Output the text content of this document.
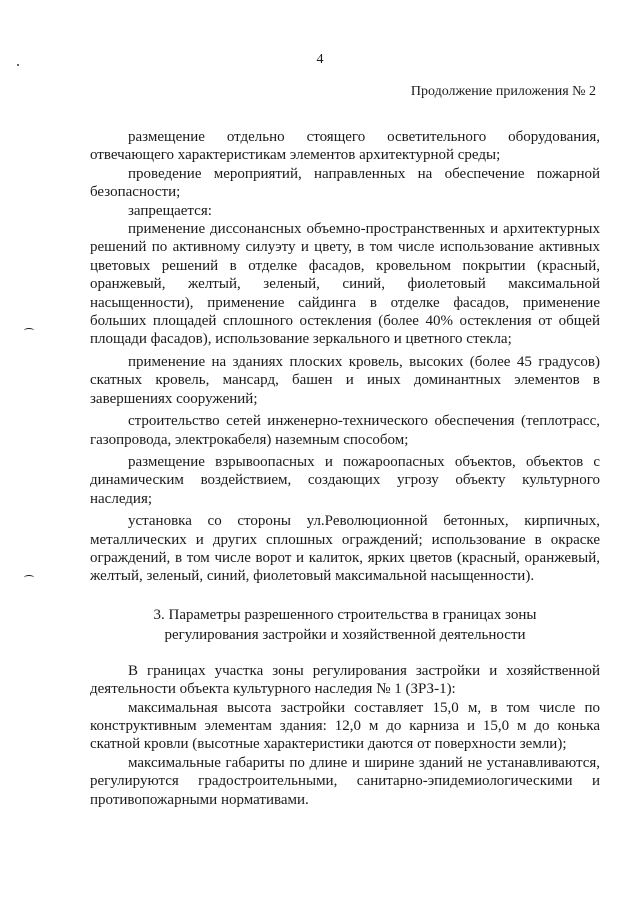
4
Продолжение приложения № 2

размещение отдельно стоящего осветительного оборудования, отвечающего характеристикам элементов архитектурной среды;

проведение мероприятий, направленных на обеспечение пожарной безопасности;

запрещается:

применение диссонансных объемно-пространственных и архитектурных решений по активному силуэту и цвету, в том числе использование активных цветовых решений в отделке фасадов, кровельном покрытии (красный, оранжевый, желтый, зеленый, синий, фиолетовый максимальной насыщенности), применение сайдинга в отделке фасадов, применение больших площадей сплошного остекления (более 40% остекления от общей площади фасадов), использование зеркального и цветного стекла;

применение на зданиях плоских кровель, высоких (более 45 градусов) скатных кровель, мансард, башен и иных доминантных элементов в завершениях сооружений;

строительство сетей инженерно-технического обеспечения (теплотрасс, газопровода, электрокабеля) наземным способом;

размещение взрывоопасных и пожароопасных объектов, объектов с динамическим воздействием, создающих угрозу объекту культурного наследия;

установка со стороны ул.Революционной бетонных, кирпичных, металлических и других сплошных ограждений; использование в окраске ограждений, в том числе ворот и калиток, ярких цветов (красный, оранжевый, желтый, зеленый, синий, фиолетовый максимальной насыщенности).

3. Параметры разрешенного строительства в границах зоны
регулирования застройки и хозяйственной деятельности

В границах участка зоны регулирования застройки и хозяйственной деятельности объекта культурного наследия № 1 (ЗРЗ-1):

максимальная высота застройки составляет 15,0 м, в том числе по конструктивным элементам здания: 12,0 м до карниза и 15,0 м до конька скатной кровли (высотные характеристики даются от поверхности земли);

максимальные габариты по длине и ширине зданий не устанавливаются, регулируются градостроительными, санитарно-эпидемиологическими и противопожарными нормативами.
